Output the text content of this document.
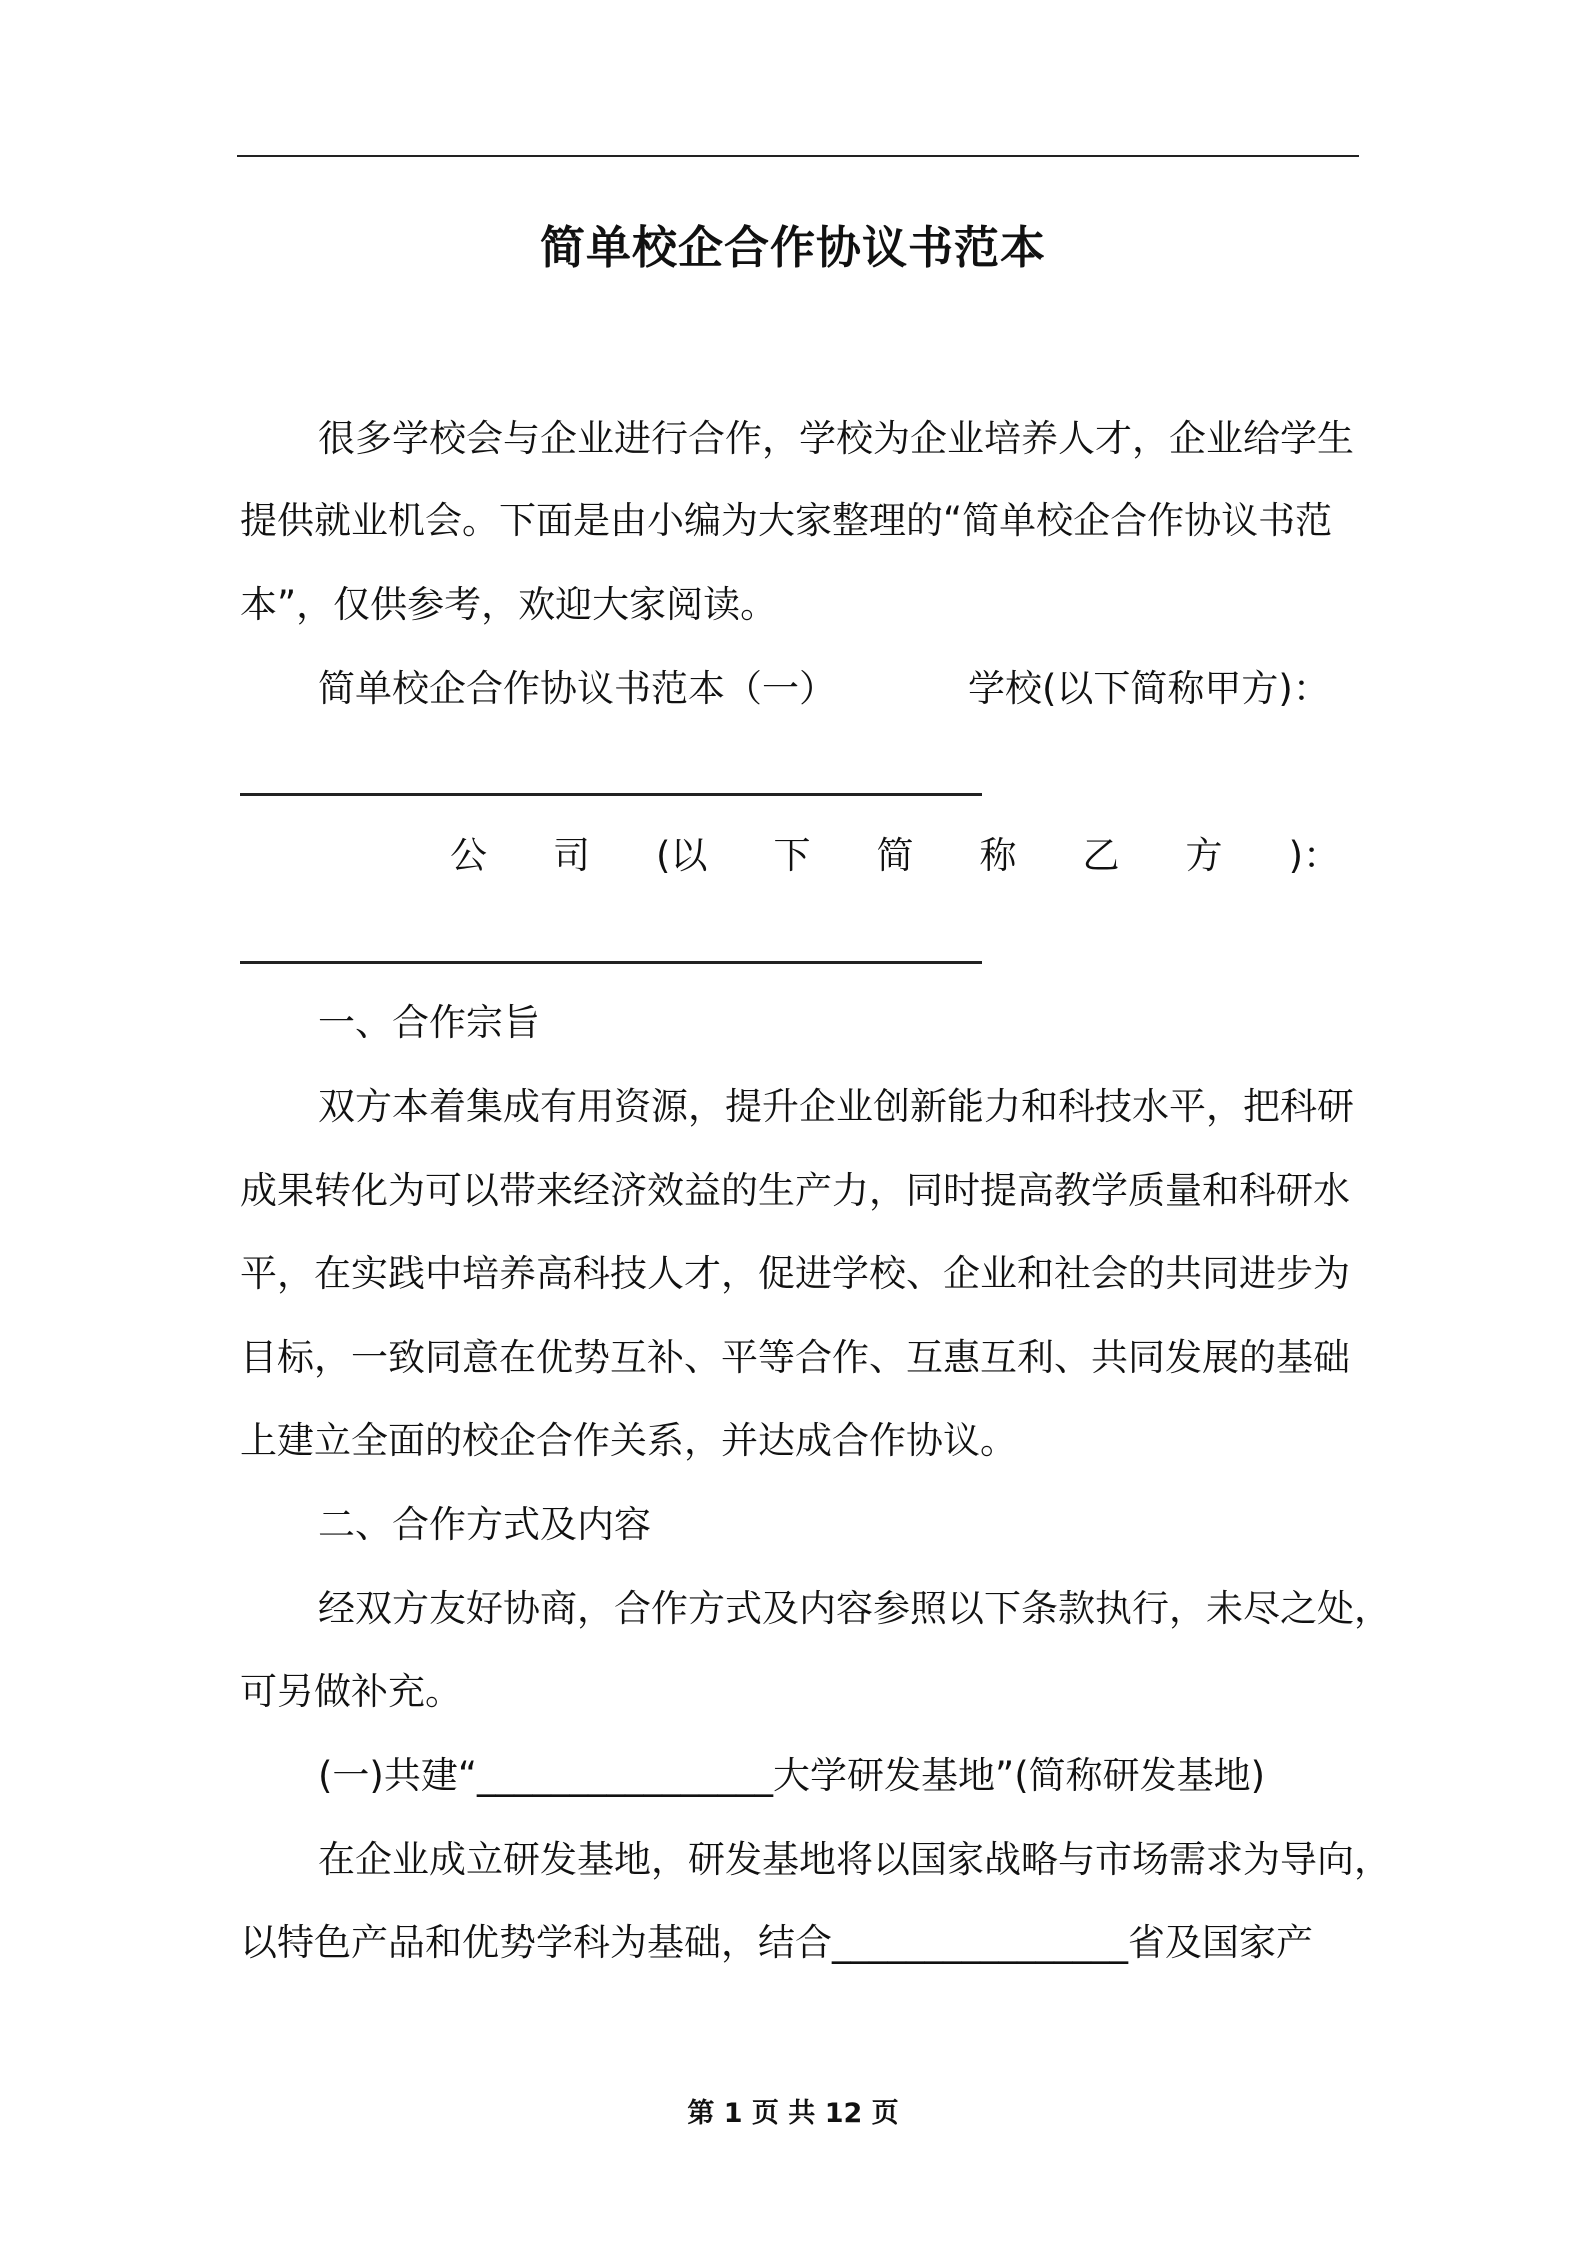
简单校企合作协议书范本
很多学校会与企业进行合作，学校为企业培养人才，企业给学生
提供就业机会。下面是由小编为大家整理的“简单校企合作协议书范
本”，仅供参考，欢迎大家阅读。
简单校企合作协议书范本（一）	学校(以下简称甲方)：
公 司 (以 下 简 称 乙 方 )：
一、合作宗旨
双方本着集成有用资源，提升企业创新能力和科技水平，把科研
成果转化为可以带来经济效益的生产力，同时提高教学质量和科研水
平，在实践中培养高科技人才，促进学校、企业和社会的共同进步为
目标，一致同意在优势互补、平等合作、互惠互利、共同发展的基础
上建立全面的校企合作关系，并达成合作协议。
二、合作方式及内容
经双方友好协商，合作方式及内容参照以下条款执行，未尽之处，
可另做补充。
(一)共建“________________大学研发基地”(简称研发基地)
在企业成立研发基地，研发基地将以国家战略与市场需求为导向，
以特色产品和优势学科为基础，结合________________省及国家产
第 1 页 共 12 页
